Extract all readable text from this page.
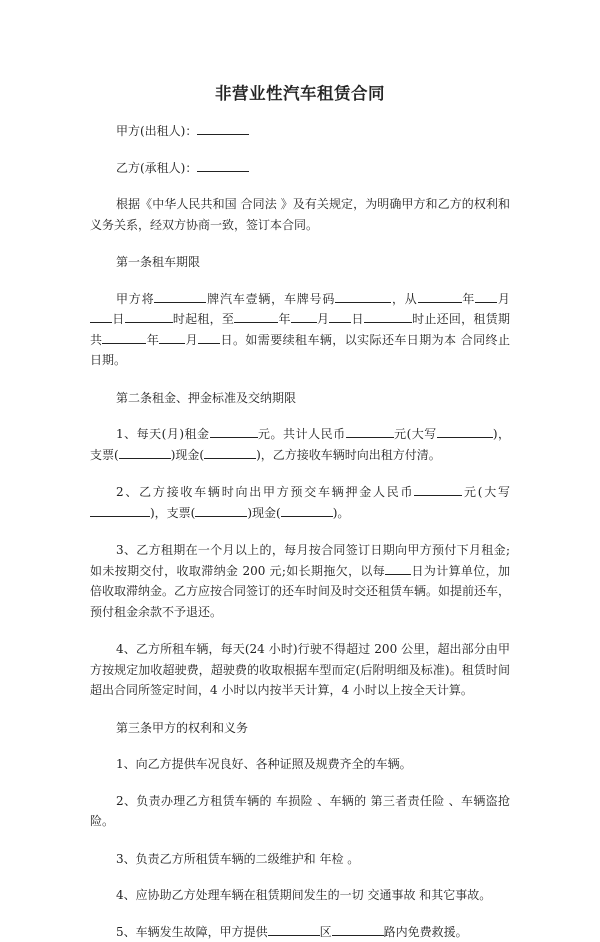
非营业性汽车租赁合同
甲方(出租人)：
乙方(承租人)：
根据《中华人民共和国 合同法 》及有关规定，为明确甲方和乙方的权利和义务关系，经双方协商一致，签订本合同。
第一条租车期限
甲方将	牌汽车壹辆，车牌号码	，从	年 月日	时起租，至	年 月 日	时止还回，租赁期共	年 月 日。如需要续租车辆，以实际还车日期为本 合同终止 日期。
第二条租金、押金标准及交纳期限
1、每天(月)租金	元。共计人民币	元(大写	)，支票(	)现金(	)，乙方接收车辆时向出租方付清。
2、乙方接收车辆时向出甲方预交车辆押金人民币	元(大写)，支票(	)现金(	)。
3、乙方租期在一个月以上的，每月按合同签订日期向甲方预付下月租金;如未按期交付，收取滞纳金 200 元;如长期拖欠，以每 日为计算单位，加倍收取滞纳金。乙方应按合同签订的还车时间及时交还租赁车辆。如提前还车，预付租金余款不予退还。
4、乙方所租车辆，每天(24 小时)行驶不得超过 200 公里，超出部分由甲方按规定加收超驶费，超驶费的收取根据车型而定(后附明细及标准)。租赁时间超出合同所签定时间，4 小时以内按半天计算，4 小时以上按全天计算。
第三条甲方的权利和义务
1、向乙方提供车况良好、各种证照及规费齐全的车辆。
2、负责办理乙方租赁车辆的 车损险 、车辆的 第三者责任险 、车辆盗抢险。
3、负责乙方所租赁车辆的二级维护和 年检 。
4、应协助乙方处理车辆在租赁期间发生的一切 交通事故 和其它事故。
5、车辆发生故障，甲方提供	区	路内免费救援。
